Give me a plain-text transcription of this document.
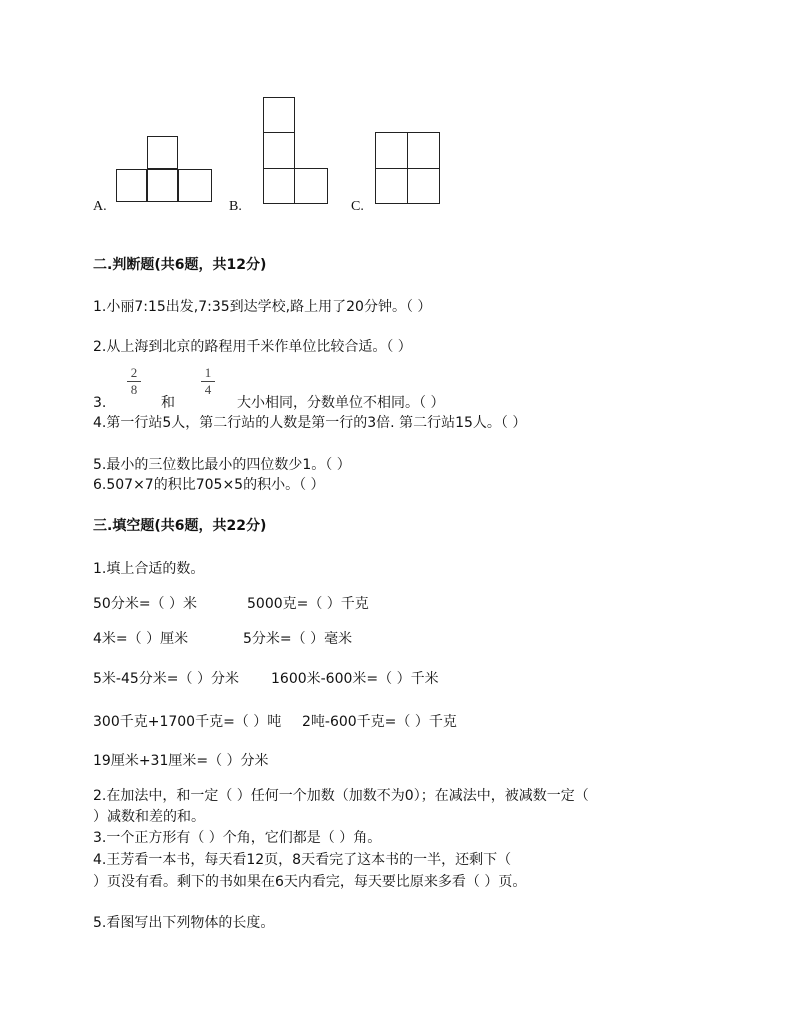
A.	B.	C.
二.判断题(共6题，共12分)
1.小丽7:15出发,7:35到达学校,路上用了20分钟。（ ）
2.从上海到北京的路程用千米作单位比较合适。（ ）
2
8
1
4
3.	和	大小相同，分数单位不相同。（ ）
4.第一行站5人，第二行站的人数是第一行的3倍. 第二行站15人。（ ）
5.最小的三位数比最小的四位数少1。（ ）
6.507×7的积比705×5的积小。（ ）
三.填空题(共6题，共22分)
1.填上合适的数。
50分米=（ ）米	5000克=（ ）千克
4米=（ ）厘米	5分米=（ ）毫米
5米-45分米=（ ）分米 1600米-600米=（ ）千米
300千克+1700千克=（ ）吨 2吨-600千克=（ ）千克
19厘米+31厘米=（ ）分米
2.在加法中，和一定（ ）任何一个加数（加数不为0）；在减法中，被减数一定（
）减数和差的和。
3.一个正方形有（ ）个角，它们都是（ ）角。
4.王芳看一本书，每天看12页，8天看完了这本书的一半，还剩下（
）页没有看。剩下的书如果在6天内看完，每天要比原来多看（ ）页。
5.看图写出下列物体的长度。
